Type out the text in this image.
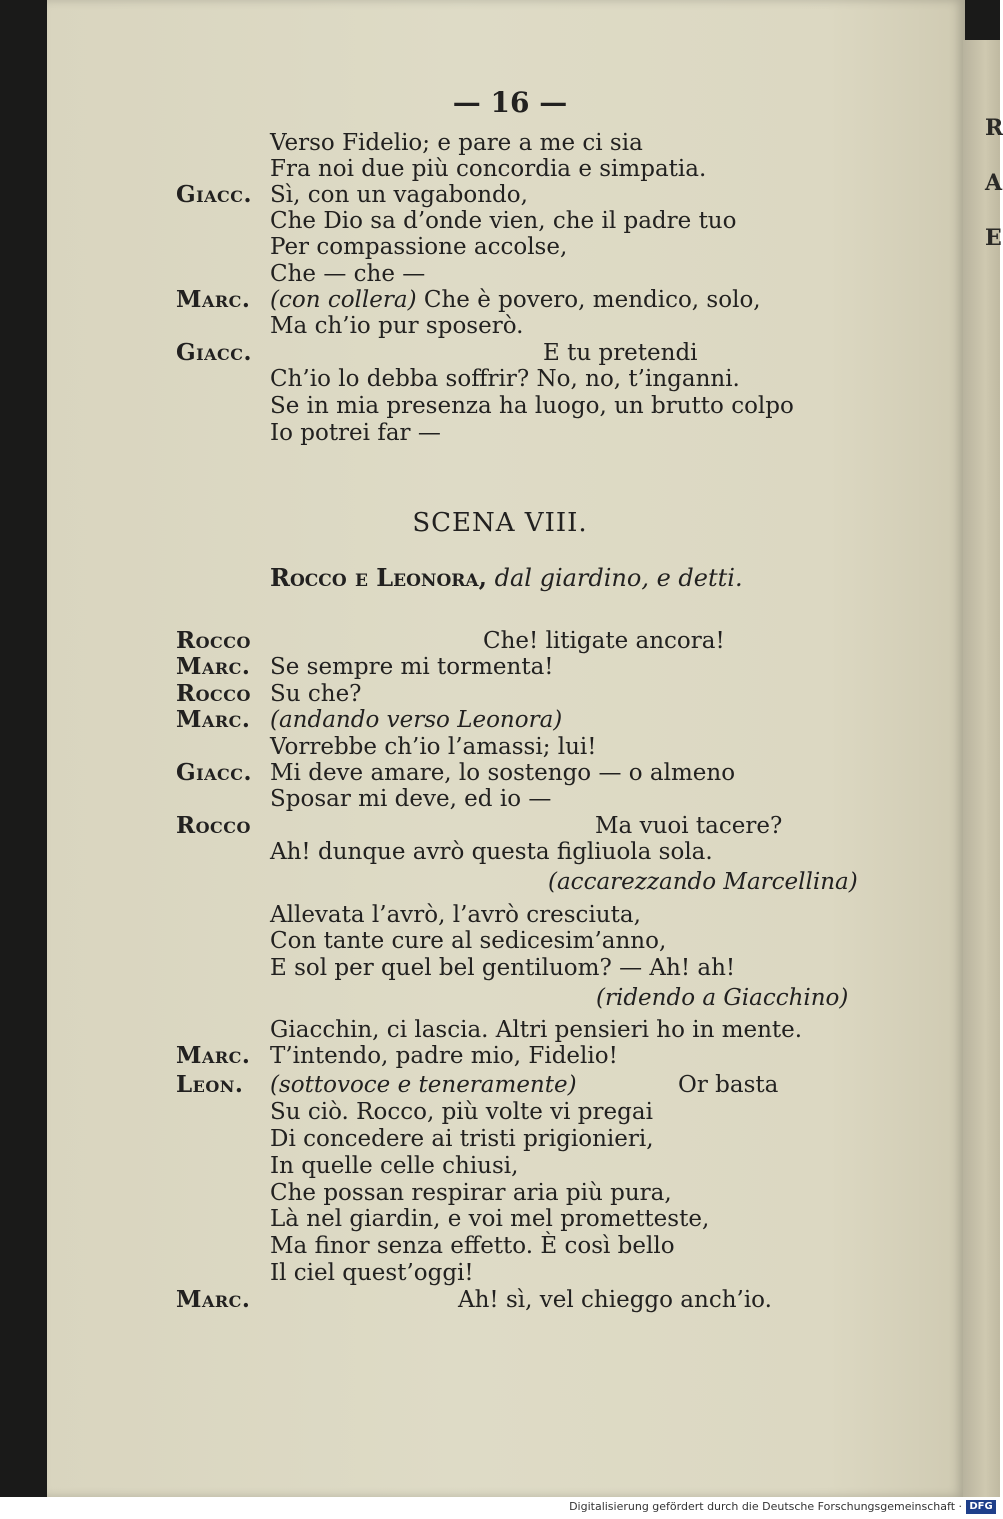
R
A
E
— 16 —
Verso Fidelio; e pare a me ci sia
Fra noi due più concordia e simpatia.
Giacc. Sì, con un vagabondo,
Che Dio sa d’onde vien, che il padre tuo
Per compassione accolse,
Che — che —
Marc. (con collera) Che è povero, mendico, solo,
Ma ch’io pur sposerò.
Giacc.	E tu pretendi
Ch’io lo debba soffrir? No, no, t’inganni.
Se in mia presenza ha luogo, un brutto colpo
Io potrei far —
SCENA VIII.
Rocco e Leonora, dal giardino, e detti.
Rocco	Che! litigate ancora!
Marc. Se sempre mi tormenta!
Rocco Su che?
Marc. (andando verso Leonora)
Vorrebbe ch’io l’amassi; lui!
Giacc. Mi deve amare, lo sostengo — o almeno
Sposar mi deve, ed io —
Rocco	Ma vuoi tacere?
Ah! dunque avrò questa figliuola sola.
(accarezzando Marcellina)
Allevata l’avrò, l’avrò cresciuta,
Con tante cure al sedicesim’anno,
E sol per quel bel gentiluom? — Ah! ah!
(ridendo a Giacchino)
Giacchin, ci lascia. Altri pensieri ho in mente.
Marc. T’intendo, padre mio, Fidelio!
Leon. (sottovoce e teneramente)	Or basta
Su ciò. Rocco, più volte vi pregai
Di concedere ai tristi prigionieri,
In quelle celle chiusi,
Che possan respirar aria più pura,
Là nel giardin, e voi mel prometteste,
Ma finor senza effetto. È così bello
Il ciel quest’oggi!
Marc.	Ah! sì, vel chieggo anch’io.
Digitalisierung gefördert durch die Deutsche Forschungsgemeinschaft · DFG
